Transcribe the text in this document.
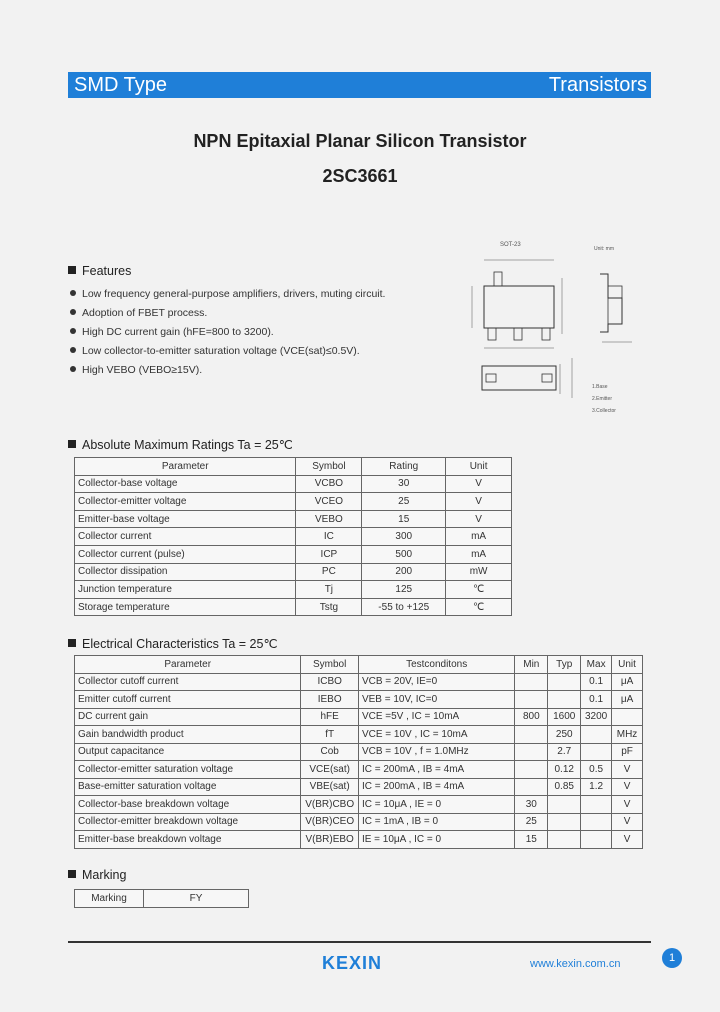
SMD Type	Transistors
NPN Epitaxial Planar Silicon Transistor
2SC3661
Features
Low frequency general-purpose amplifiers, drivers, muting circuit.
Adoption of FBET process.
High DC current gain (hFE=800 to 3200).
Low collector-to-emitter saturation voltage (VCE(sat)≤0.5V).
High VEBO (VEBO≥15V).
SOT-23
Unit: mm
1.Base
2.Emitter
3.Collector
Absolute Maximum Ratings Ta = 25℃
Parameter	Symbol	Rating	Unit
Collector-base voltage	VCBO	30	V
Collector-emitter voltage	VCEO	25	V
Emitter-base voltage	VEBO	15	V
Collector current	IC	300	mA
Collector current (pulse)	ICP	500	mA
Collector dissipation	PC	200	mW
Junction temperature	Tj	125	℃
Storage temperature	Tstg	-55 to +125	℃
Electrical Characteristics Ta = 25℃
Parameter	Symbol	Testconditons	Min	Typ	Max	Unit
Collector cutoff current	ICBO	VCB = 20V, IE=0			0.1	μA
Emitter cutoff current	IEBO	VEB = 10V, IC=0			0.1	μA
DC current gain	hFE	VCE =5V , IC = 10mA	800	1600	3200	
Gain bandwidth product	fT	VCE = 10V , IC = 10mA		250		MHz
Output capacitance	Cob	VCB = 10V , f = 1.0MHz		2.7		pF
Collector-emitter saturation voltage	VCE(sat)	IC = 200mA , IB = 4mA		0.12	0.5	V
Base-emitter saturation voltage	VBE(sat)	IC = 200mA , IB = 4mA		0.85	1.2	V
Collector-base breakdown voltage	V(BR)CBO	IC = 10μA , IE = 0	30			V
Collector-emitter breakdown voltage	V(BR)CEO	IC = 1mA , IB = 0	25			V
Emitter-base breakdown voltage	V(BR)EBO	IE = 10μA , IC = 0	15			V
Marking
Marking	FY
1
KEXIN	www.kexin.com.cn
